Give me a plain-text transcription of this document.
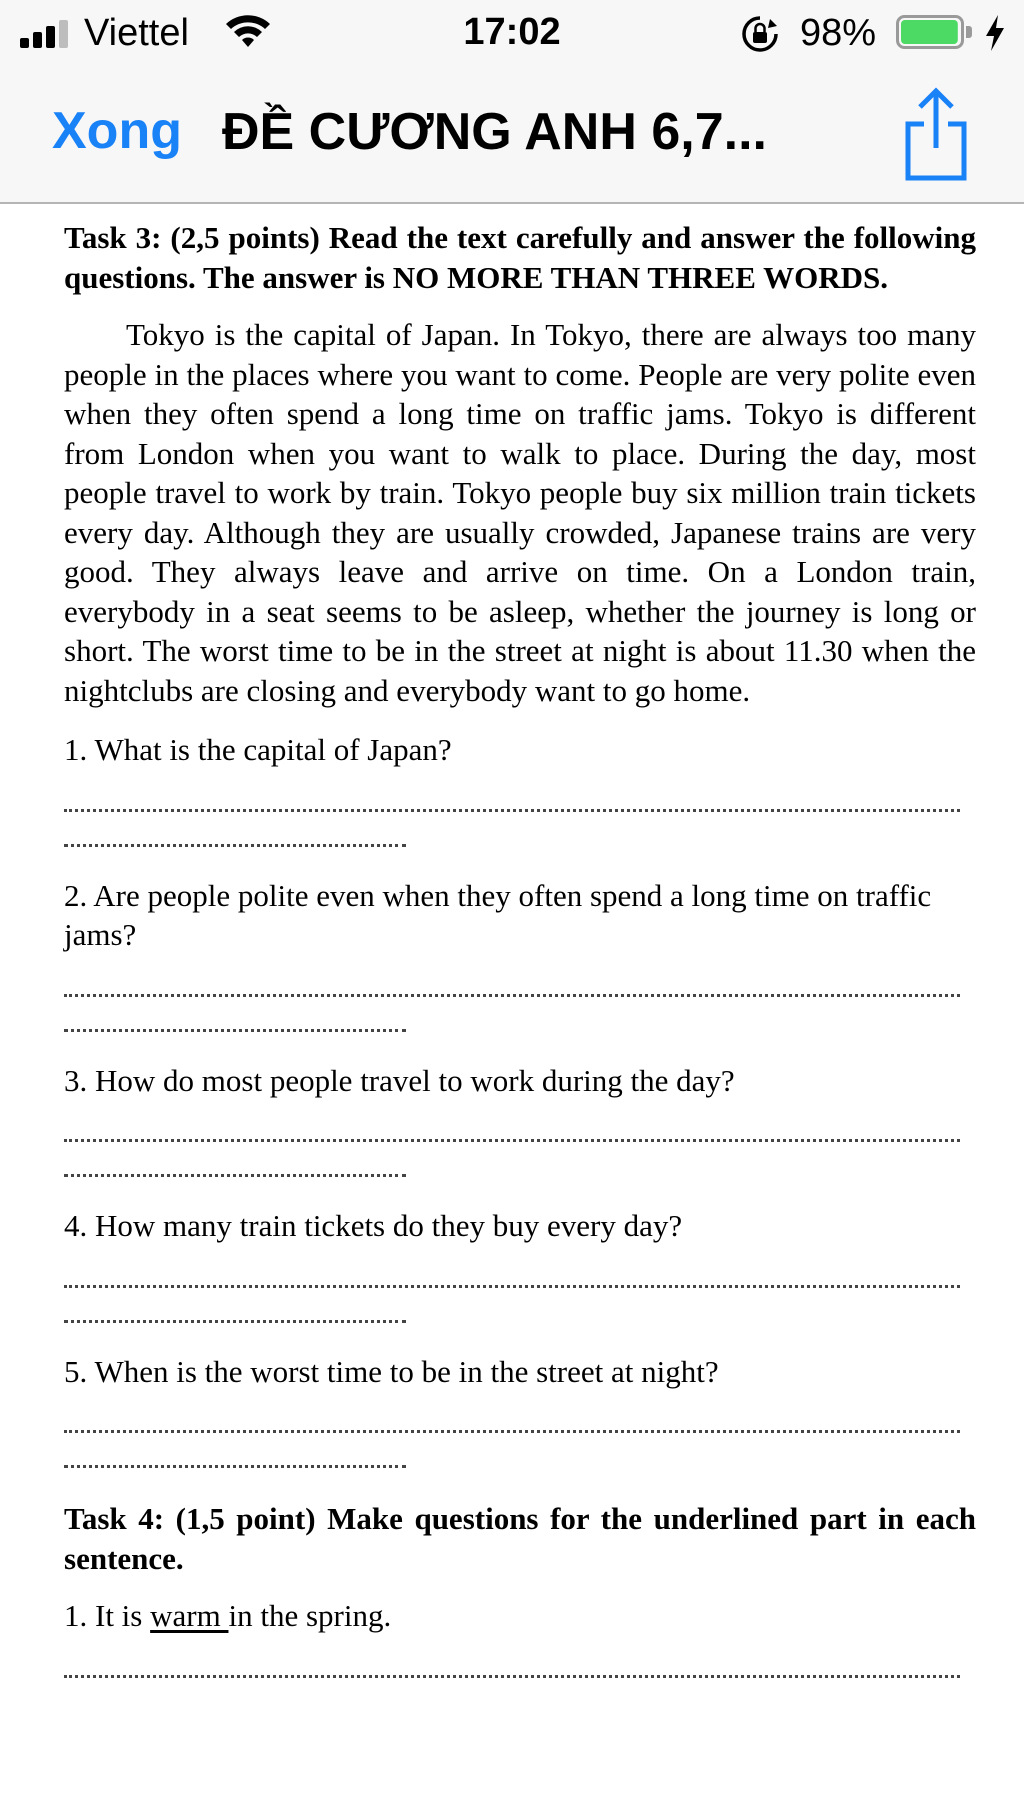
Viettel	17:02	98%
Xong ĐỀ CƯƠNG ANH 6,7...

Task 3: (2,5 points) Read the text carefully and answer the following questions. The answer is NO MORE THAN THREE WORDS.

Tokyo is the capital of Japan. In Tokyo, there are always too many people in the places where you want to come. People are very polite even when they often spend a long time on traffic jams. Tokyo is different from London when you want to walk to place. During the day, most people travel to work by train. Tokyo people buy six million train tickets every day. Although they are usually crowded, Japanese trains are very good. They always leave and arrive on time. On a London train, everybody in a seat seems to be asleep, whether the journey is long or short. The worst time to be in the street at night is about 11.30 when the nightclubs are closing and everybody want to go home.

1. What is the capital of Japan?

2. Are people polite even when they often spend a long time on traffic jams?

3. How do most people travel to work during the day?

4. How many train tickets do they buy every day?

5. When is the worst time to be in the street at night?

Task 4: (1,5 point) Make questions for the underlined part in each sentence.

1. It is warm in the spring.
